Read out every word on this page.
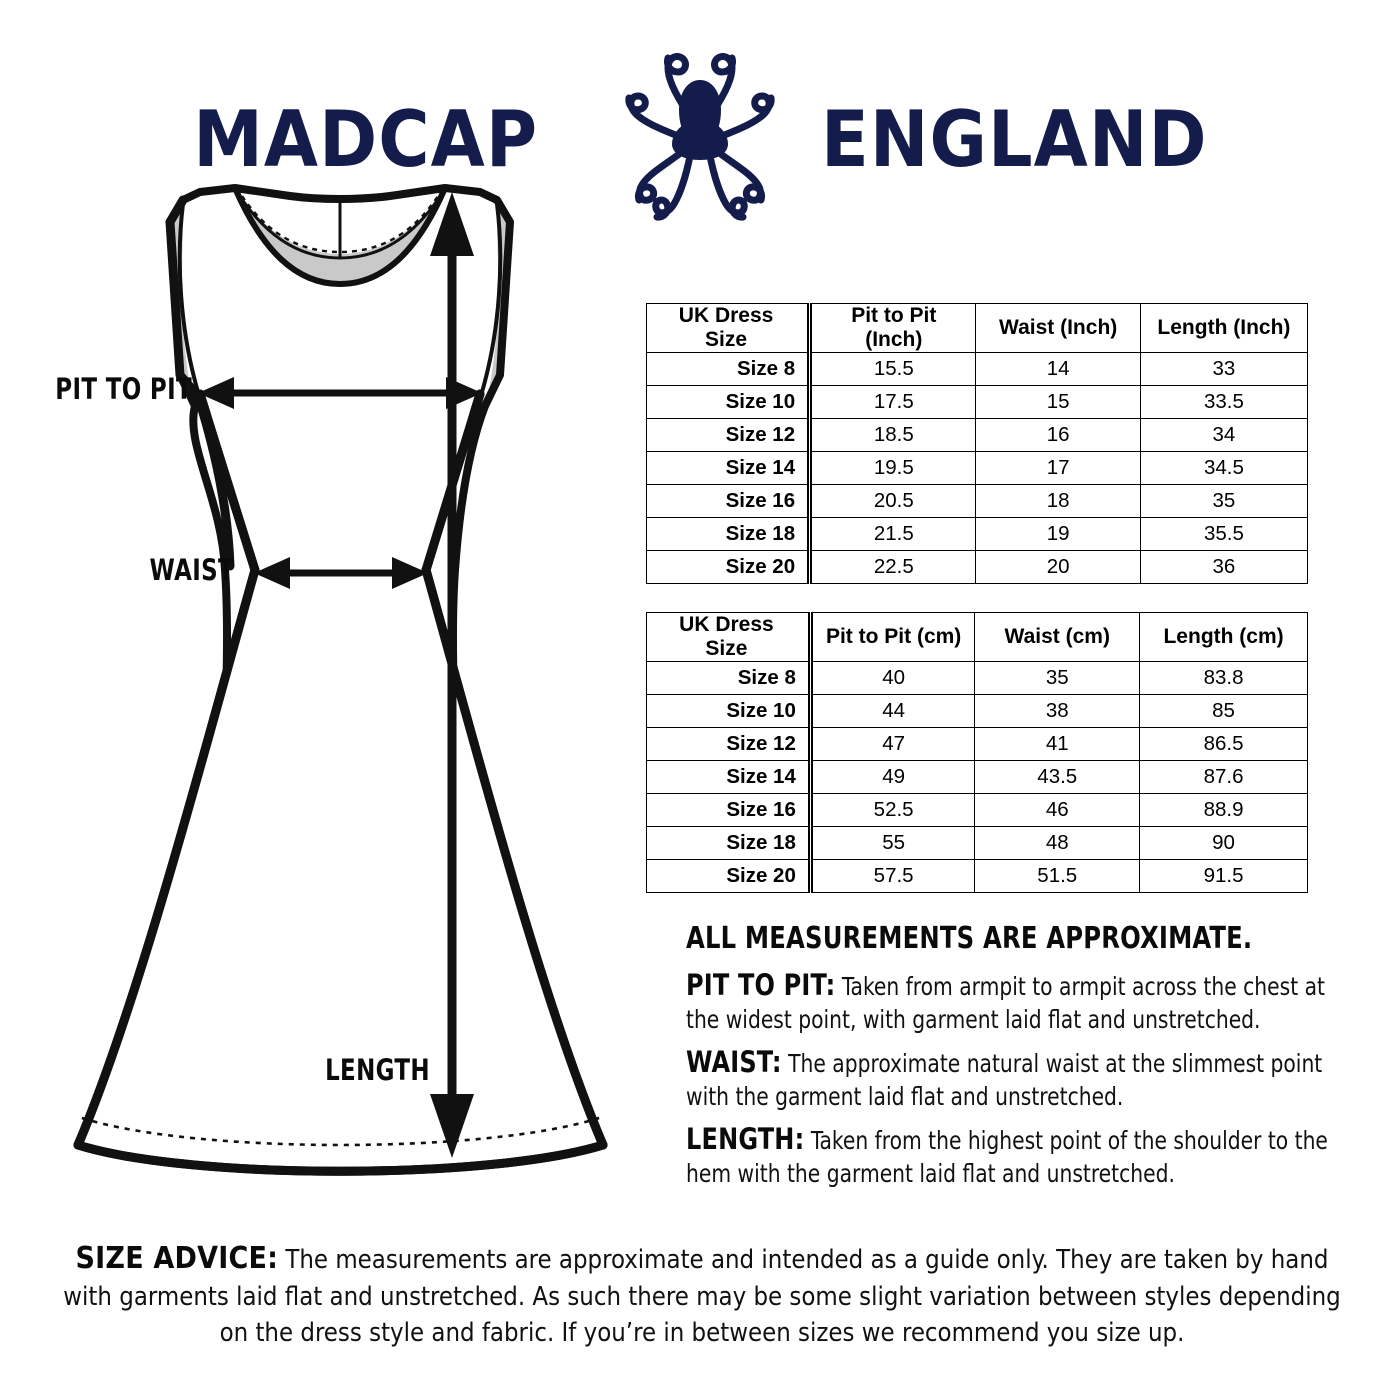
MADCAP	ENGLAND
PIT TO PIT
WAIST
LENGTH
UK Dress Size	Pit to Pit (Inch)	Waist (Inch)	Length (Inch)
Size 8	15.5	14	33
Size 10	17.5	15	33.5
Size 12	18.5	16	34
Size 14	19.5	17	34.5
Size 16	20.5	18	35
Size 18	21.5	19	35.5
Size 20	22.5	20	36
UK Dress Size	Pit to Pit (cm)	Waist (cm)	Length (cm)
Size 8	40	35	83.8
Size 10	44	38	85
Size 12	47	41	86.5
Size 14	49	43.5	87.6
Size 16	52.5	46	88.9
Size 18	55	48	90
Size 20	57.5	51.5	91.5

ALL MEASUREMENTS ARE APPROXIMATE.

PIT TO PIT: Taken from armpit to armpit across the chest at the widest point, with garment laid flat and unstretched.

WAIST: The approximate natural waist at the slimmest point with the garment laid flat and unstretched.

LENGTH: Taken from the highest point of the shoulder to the hem with the garment laid flat and unstretched.

SIZE ADVICE: The measurements are approximate and intended as a guide only. They are taken by hand with garments laid flat and unstretched. As such there may be some slight variation between styles depending on the dress style and fabric. If you’re in between sizes we recommend you size up.
